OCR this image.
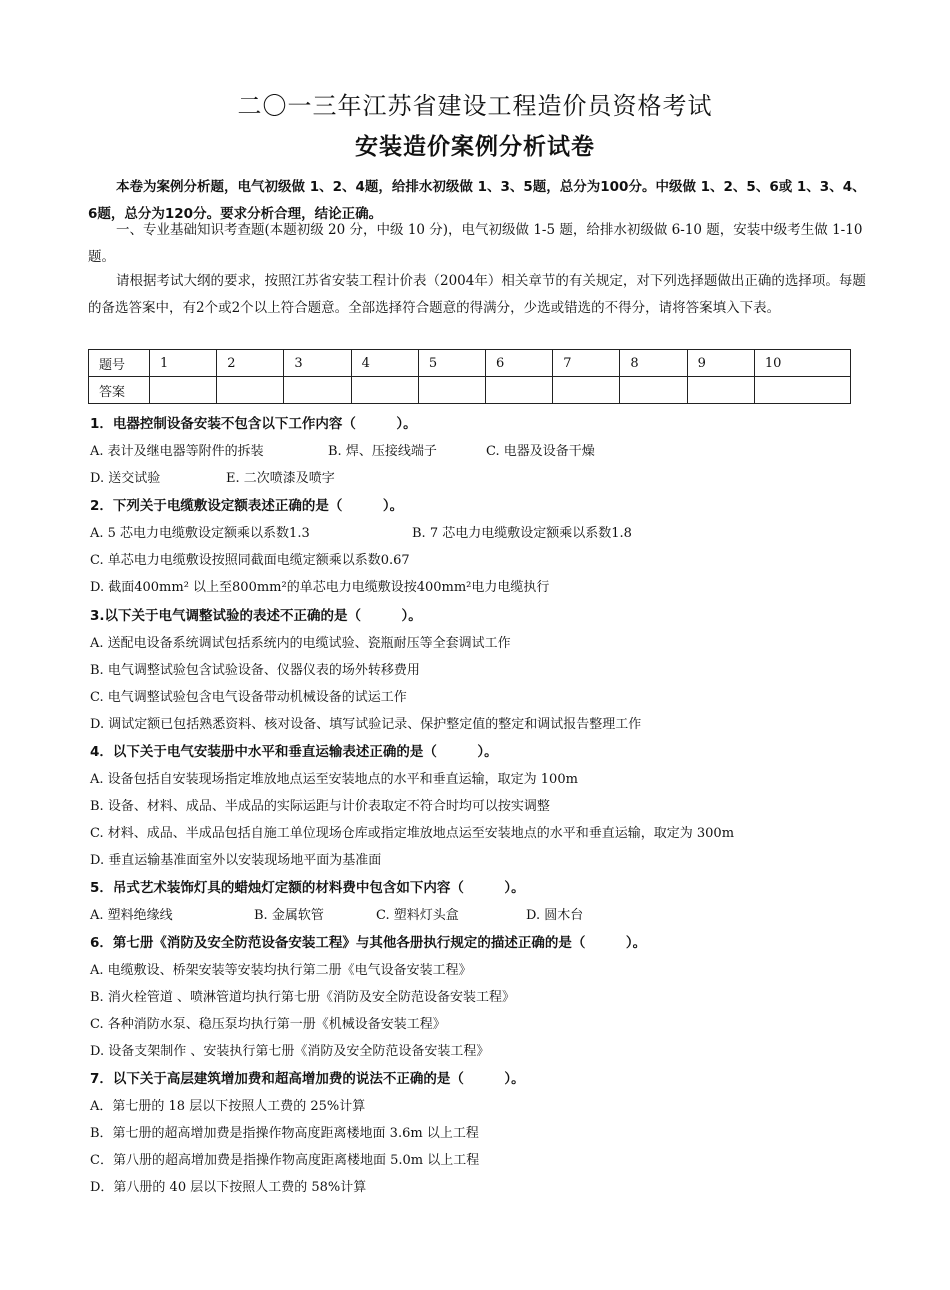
二〇一三年江苏省建设工程造价员资格考试
安装造价案例分析试卷
本卷为案例分析题，电气初级做 1、2、4题，给排水初级做 1、3、5题，总分为100分。中级做 1、2、5、6或 1、3、4、6题，总分为120分。要求分析合理，结论正确。
一、专业基础知识考查题(本题初级 20 分，中级 10 分)，电气初级做 1-5 题，给排水初级做 6-10 题，安装中级考生做 1-10 题。
请根据考试大纲的要求，按照江苏省安装工程计价表（2004年）相关章节的有关规定，对下列选择题做出正确的选择项。每题的备选答案中，有2个或2个以上符合题意。全部选择符合题意的得满分，少选或错选的不得分，请将答案填入下表。
题号	1	2	3	4	5	6	7	8	9	10
答案										
1．电器控制设备安装不包含以下工作内容（　　　）。
A. 表计及继电器等附件的拆装	B. 焊、压接线端子	C. 电器及设备干燥
D. 送交试验	E. 二次喷漆及喷字
2．下列关于电缆敷设定额表述正确的是（　　　）。
A. 5 芯电力电缆敷设定额乘以系数1.3	B. 7 芯电力电缆敷设定额乘以系数1.8
C. 单芯电力电缆敷设按照同截面电缆定额乘以系数0.67
D. 截面400mm² 以上至800mm²的单芯电力电缆敷设按400mm²电力电缆执行
3.以下关于电气调整试验的表述不正确的是（　　　）。
A. 送配电设备系统调试包括系统内的电缆试验、瓷瓶耐压等全套调试工作
B. 电气调整试验包含试验设备、仪器仪表的场外转移费用
C. 电气调整试验包含电气设备带动机械设备的试运工作
D. 调试定额已包括熟悉资料、核对设备、填写试验记录、保护整定值的整定和调试报告整理工作
4．以下关于电气安装册中水平和垂直运输表述正确的是（　　　）。
A. 设备包括自安装现场指定堆放地点运至安装地点的水平和垂直运输，取定为 100m
B. 设备、材料、成品、半成品的实际运距与计价表取定不符合时均可以按实调整
C. 材料、成品、半成品包括自施工单位现场仓库或指定堆放地点运至安装地点的水平和垂直运输，取定为 300m
D. 垂直运输基准面室外以安装现场地平面为基准面
5．吊式艺术装饰灯具的蜡烛灯定额的材料费中包含如下内容（　　　）。
A. 塑料绝缘线	B. 金属软管	C. 塑料灯头盒	D. 圆木台
6．第七册《消防及安全防范设备安装工程》与其他各册执行规定的描述正确的是（　　　）。
A. 电缆敷设、桥架安装等安装均执行第二册《电气设备安装工程》
B. 消火栓管道 、喷淋管道均执行第七册《消防及安全防范设备安装工程》
C. 各种消防水泵、稳压泵均执行第一册《机械设备安装工程》
D. 设备支架制作 、安装执行第七册《消防及安全防范设备安装工程》
7．以下关于高层建筑增加费和超高增加费的说法不正确的是（　　　）。
A．第七册的 18 层以下按照人工费的 25%计算
B．第七册的超高增加费是指操作物高度距离楼地面 3.6m 以上工程
C．第八册的超高增加费是指操作物高度距离楼地面 5.0m 以上工程
D．第八册的 40 层以下按照人工费的 58%计算
